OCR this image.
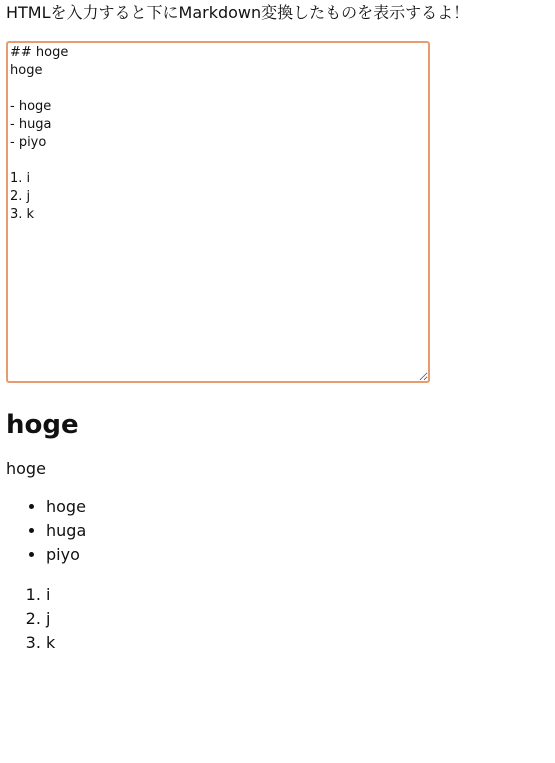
HTMLを入力すると下にMarkdown変換したものを表示するよ！

## hoge hoge - hoge - huga - piyo 1. i 2. j 3. k
hoge

hoge

• hoge
• huga
• piyo
1. i
2. j
3. k
